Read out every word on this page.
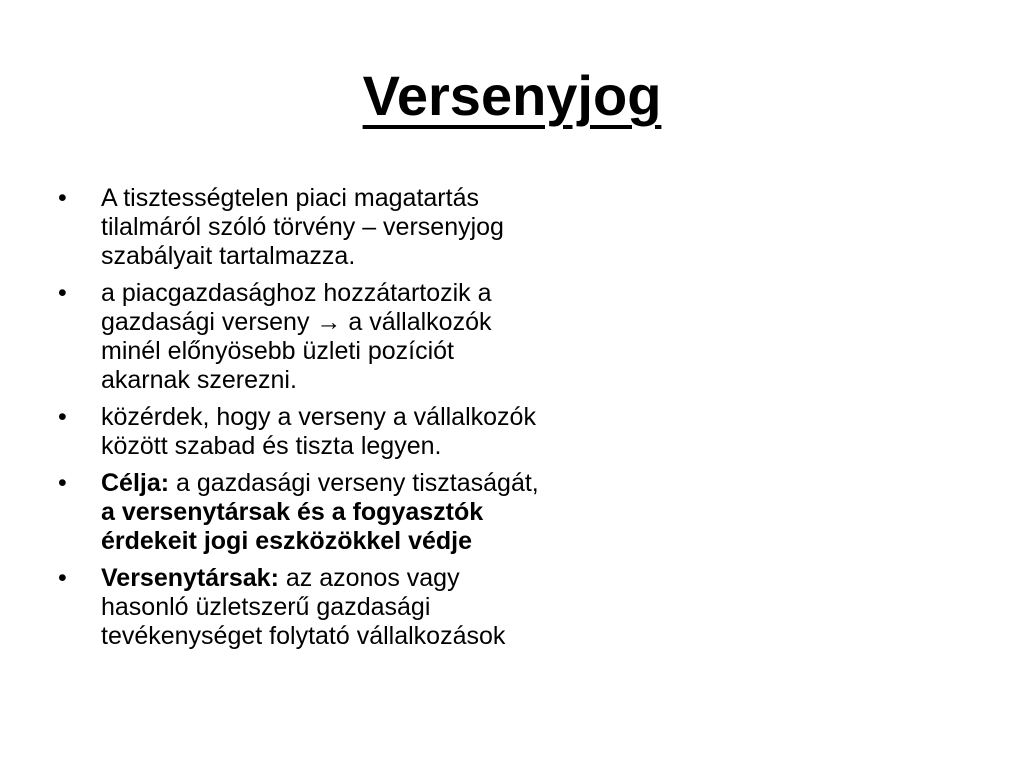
Versenyjog
•	A tisztességtelen piaci magatartás
tilalmáról szóló törvény – versenyjog
szabályait tartalmazza.
•	a piacgazdasághoz hozzátartozik a
gazdasági verseny → a vállalkozók
minél előnyösebb üzleti pozíciót
akarnak szerezni.
•	közérdek, hogy a verseny a vállalkozók
között szabad és tiszta legyen.
•	Célja: a gazdasági verseny tisztaságát,
a versenytársak és a fogyasztók
érdekeit jogi eszközökkel védje
•	Versenytársak: az azonos vagy
hasonló üzletszerű gazdasági
tevékenységet folytató vállalkozások
